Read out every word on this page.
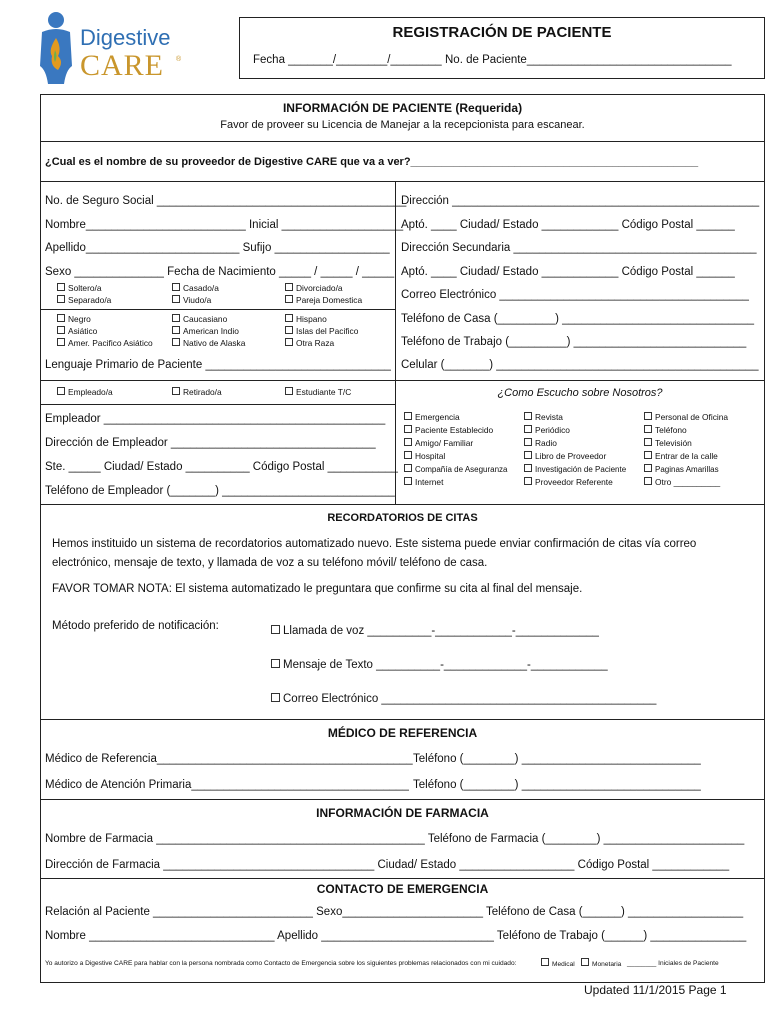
Digestive
CARE ®
REGISTRACIÓN DE PACIENTE
Fecha _______/________/________ No. de Paciente________________________________
INFORMACIÓN DE PACIENTE (Requerida)
Favor de proveer su Licencia de Manejar a la recepcionista para escanear.
¿Cual es el nombre de su proveedor de Digestive CARE que va a ver?_______________________________________________
No. de Seguro Social _______________________________________
Nombre_________________________ Inicial ___________________
Apellido________________________ Sufijo __________________
Sexo ______________ Fecha de Nacimiento _____ / _____ / _____
Soltero/a	Casado/a	Divorciado/a
Separado/a	Viudo/a	Pareja Domestica
Negro	Caucasiano	Hispano
Asiático	American Indio	Islas del Pacifico
Amer. Pacifico Asiático	Nativo de Alaska	Otra Raza
Lenguaje Primario de Paciente _____________________________
Empleado/a	Retirado/a	Estudiante T/C
Empleador ____________________________________________
Dirección de Empleador ________________________________
Ste. _____ Ciudad/ Estado __________ Código Postal ___________
Teléfono de Empleador (_______) ___________________________
Dirección ________________________________________________
Aptó. ____ Ciudad/ Estado ____________ Código Postal ______
Dirección Secundaria ______________________________________
Aptó. ____ Ciudad/ Estado ____________ Código Postal ______
Correo Electrónico _______________________________________
Teléfono de Casa (_________) ______________________________
Teléfono de Trabajo (_________) ___________________________
Celular (_______) _________________________________________
¿Como Escucho sobre Nosotros?
Emergencia	Revista	Personal de Oficina
Paciente Establecido	Periódico	Teléfono
Amigo/ Familiar	Radio	Televisión
Hospital	Libro de Proveedor	Entrar de la calle
Compañía de Aseguranza	Investigación de Paciente	Paginas Amarillas
Internet	Proveedor Referente	Otro __________
RECORDATORIOS DE CITAS
Hemos instituido un sistema de recordatorios automatizado nuevo. Este sistema puede enviar confirmación de citas vía correo
electrónico, mensaje de texto, y llamada de voz a su teléfono móvil/ teléfono de casa.
FAVOR TOMAR NOTA: El sistema automatizado le preguntara que confirme su cita al final del mensaje.
Método preferido de notificación:	Llamada de voz __________-____________-_____________
Mensaje de Texto __________-_____________-____________
Correo Electrónico ___________________________________________
MÉDICO DE REFERENCIA
Médico de Referencia________________________________________ Teléfono (________) ____________________________
Médico de Atención Primaria__________________________________ Teléfono (________) ____________________________
INFORMACIÓN DE FARMACIA
Nombre de Farmacia __________________________________________ Teléfono de Farmacia (________) ______________________
Dirección de Farmacia _________________________________ Ciudad/ Estado __________________ Código Postal ____________
CONTACTO DE EMERGENCIA
Relación al Paciente _________________________ Sexo______________________ Teléfono de Casa (______) __________________
Nombre _____________________________ Apellido ___________________________ Teléfono de Trabajo (______) _______________
Yo autorizo a Digestive CARE para hablar con la persona nombrada como Contacto de Emergencia sobre los siguientes problemas relacionados con mi cuidado:	Medical	Monetaria ________ Iniciales de Paciente
Updated 11/1/2015 Page 1
